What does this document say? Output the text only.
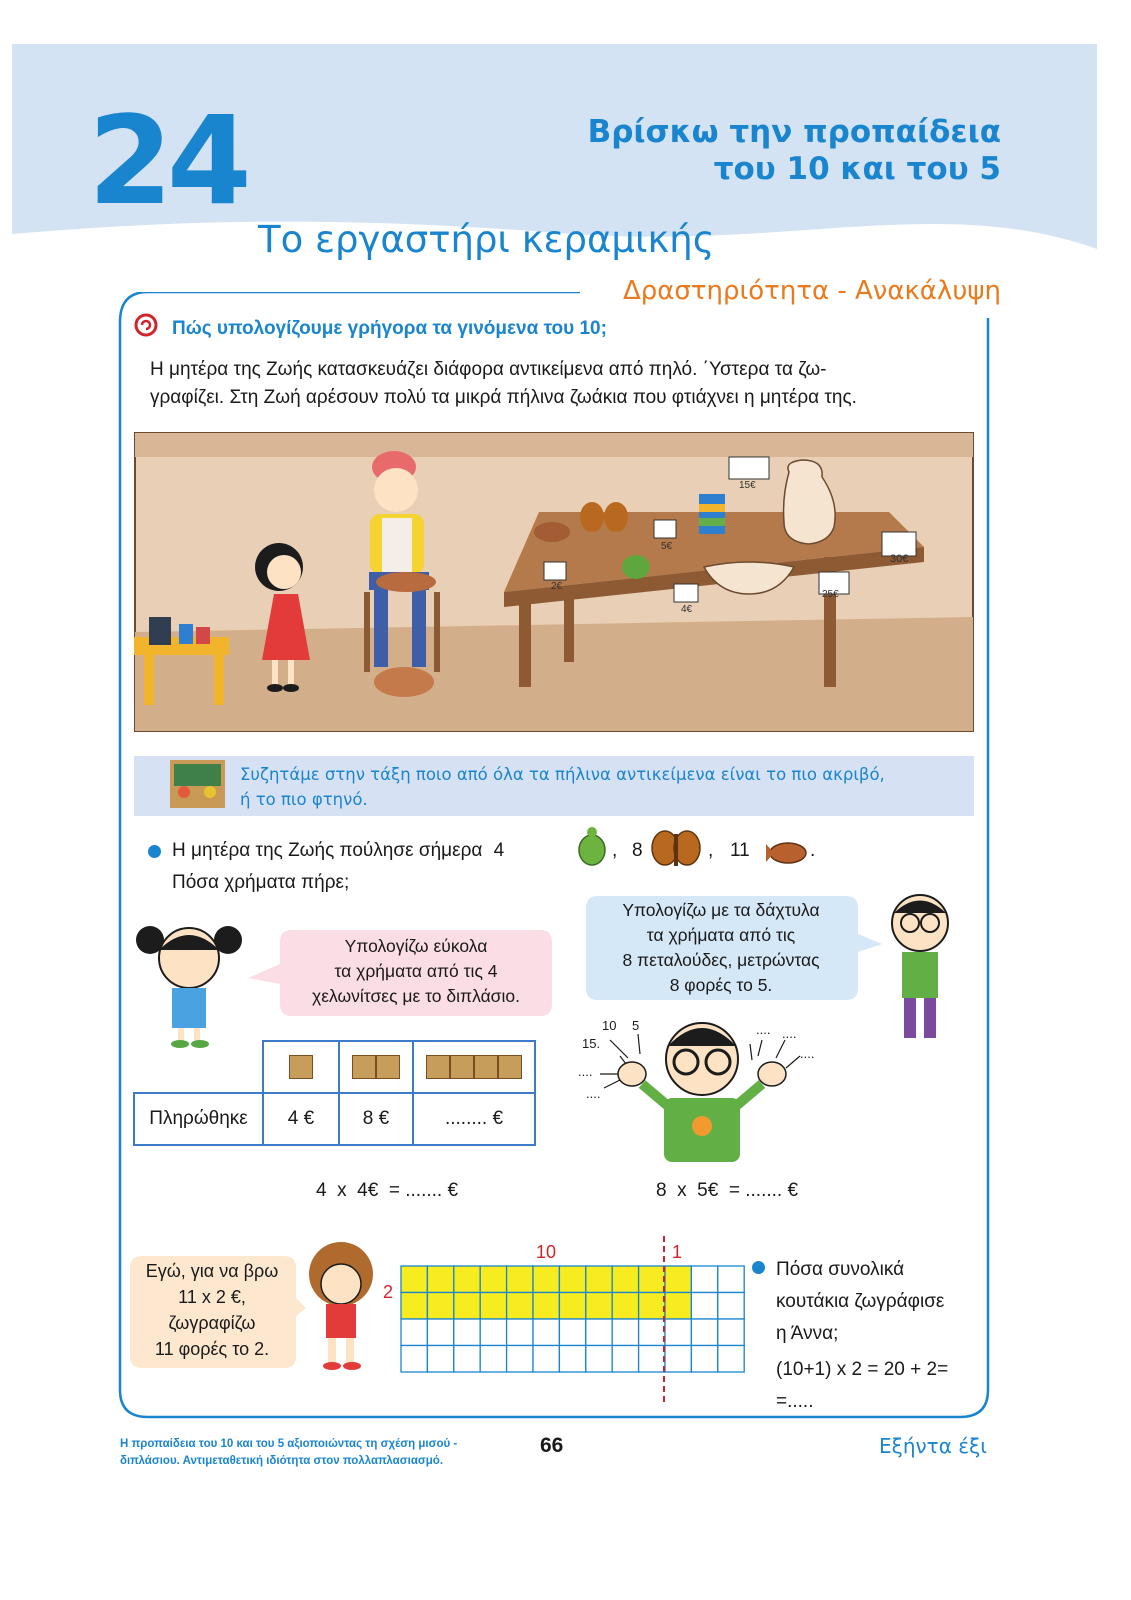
24	Βρίσκω την προπαίδεια
του 10 και του 5
Το εργαστήρι κεραμικής
Δραστηριότητα - Ανακάλυψη
Πώς υπολογίζουμε γρήγορα τα γινόμενα του 10;
Η μητέρα της Ζωής κατασκευάζει διάφορα αντικείμενα από πηλό. ΄Υστερα τα ζω-
γραφίζει. Στη Ζωή αρέσουν πολύ τα μικρά πήλινα ζωάκια που φτιάχνει η μητέρα της.
15€
5€
2€
4€
30€
25€
Συζητάμε στην τάξη ποιο από όλα τα πήλινα αντικείμενα είναι το πιο ακριβό,
ή το πιο φτηνό.
Η μητέρα της Ζωής πούλησε σήμερα 4	, 8	, 11	.
Πόσα χρήματα πήρε;
Υπολογίζω εύκολα
τα χρήματα από τις 4
χελωνίτσες με το διπλάσιο.
Υπολογίζω με τα δάχτυλα
τα χρήματα από τις
8 πεταλούδες, μετρώντας
8 φορές το 5.
10 5
15.
....
....
.... ....
....

Πληρώθηκε	4 €	8 €	........ €
4  x  4€  = ....... €	8  x  5€  = ....... €
Εγώ, για να βρω
11 x 2 €,
ζωγραφίζω
11 φορές το 2.
10	1
2
Πόσα συνολικά
κουτάκια ζωγράφισε
η Άννα;
(10+1) x 2 = 20 + 2=
=.....
Η προπαίδεια του 10 και του 5 αξιοποιώντας τη σχέση μισού -
διπλάσιου. Αντιμεταθετική ιδιότητα στον πολλαπλασιασμό.
66	Εξήντα έξι
